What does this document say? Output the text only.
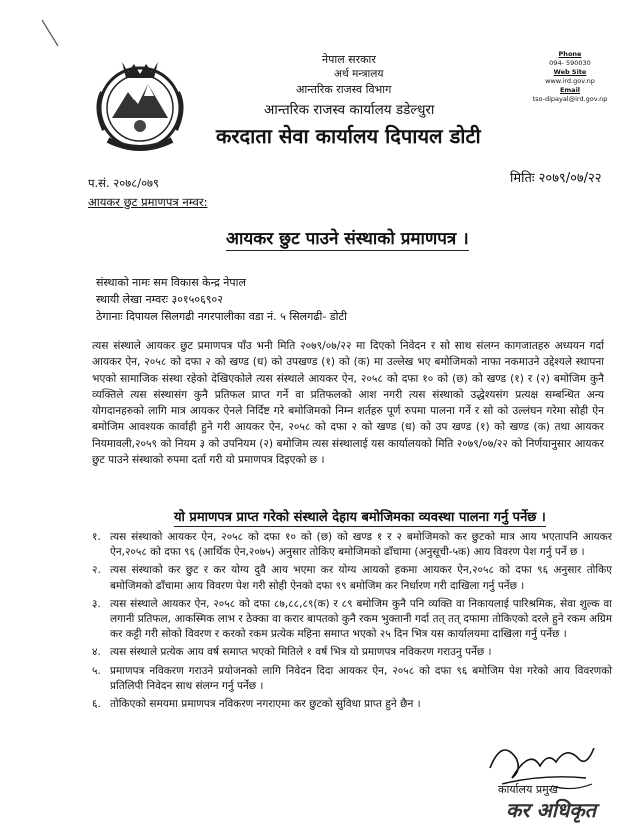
नेपाल सरकार
अर्थ मन्त्रालय
आन्तरिक राजस्व विभाग
आन्तरिक राजस्व कार्यालय डडेल्धुरा
करदाता सेवा कार्यालय दिपायल डोटी
Phone
094- 590030
Web Site
www.ird.gov.np
Email
tso-dipayal@ird.gov.np
प.सं. २०७८/०७९
आयकर छुट प्रमाणपत्र नम्वर:
मितिः २०७९/०७/२२
आयकर छुट पाउने संस्थाको प्रमाणपत्र ।
संस्थाको नामः सम विकास केन्द्र नेपाल
स्थायी लेखा नम्वरः ३०१५०६९०२
ठेगानाः दिपायल सिलगढी नगरपालीका वडा नं. ५ सिलगढी- डोटी

त्यस संस्थाले आयकर छुट प्रमाणपत्र पाँउ भनी मिति २०७९/०७/२२ मा दिएको निवेदन र सो साथ संलग्न कागजातहरु अध्ययन गर्दा आयकर ऐन, २०५८ को दफा २ को खण्ड (ध) को उपखण्ड (१) को (क) मा उल्लेख भए बमोजिमको नाफा नकमाउने उद्देश्यले स्थापना भएको सामाजिक संस्था रहेको देखिएकोले त्यस संस्थाले आयकर ऐन, २०५८ को दफा १० को (छ) को खण्ड (१) र (२) बमोजिम कुनै व्यक्तिले त्यस संस्थासंग कुनै प्रतिफल प्राप्त गर्ने वा प्रतिफलको आश नगरी त्यस संस्थाको उद्धेश्यसंग प्रत्यक्ष सम्बन्धित अन्य योगदानहरुको लागि मात्र आयकर ऐनले निर्दिष्ट गरे बमोजिमको निम्न शर्तहरु पूर्ण रुपमा पालना गर्ने र सो को उल्लंघन गरेमा सोही ऐन बमोजिम आवश्यक कार्वाही हुने गरी आयकर ऐन, २०५८ को दफा २ को खण्ड (ध) को उप खण्ड (१) को खण्ड (क) तथा आयकर नियमावली,२०५९ को नियम ३ को उपनियम (२) बमोजिम त्यस संस्थालाई यस कार्यालयको मिति २०७९/०७/२२ को निर्णयानुसार आयकर छुट पाउने संस्थाको रुपमा दर्ता गरी यो प्रमाणपत्र दिइएको छ ।

यो प्रमाणपत्र प्राप्त गरेको संस्थाले देहाय बमोजिमका व्यवस्था पालना गर्नु पर्नेछ ।
१. त्यस संस्थाको आयकर ऐन, २०५८ को दफा १० को (छ) को खण्ड १ र २ बमोजिमको कर छुटको मात्र आय भएतापनि आयकर ऐन,२०५८ को दफा ९६ (आर्थिक ऐन,२०७५) अनुसार तोकिए बमोजिमको ढाँचामा (अनुसूची-५क) आय विवरण पेश गर्नु पर्ने छ ।
२. त्यस संस्थाको कर छुट र कर योग्य दुवै आय भएमा कर योग्य आयको हकमा आयकर ऐन,२०५८ को दफा ९६ अनुसार तोकिए बमोजिमको ढाँचामा आय विवरण पेश गरी सोही ऐनको दफा ९९ बमोजिम कर निर्धारण गरी दाखिला गर्नु पर्नेछ ।
३. त्यस संस्थाले आयकर ऐन, २०५८ को दफा ८७,८८,८९(क) र ८९ बमोजिम कुनै पनि व्यक्ति वा निकायलाई पारिश्रमिक, सेवा शुल्क वा लगानी प्रतिफल, आकस्मिक लाभ र ठेक्का वा करार बापतको कुनै रकम भुक्तानी गर्दा तत् तत् दफामा तोकिएको दरले हुने रकम अग्रिम कर कट्टी गरी सोको विवरण र करको रकम प्रत्येक महिना समाप्त भएको २५ दिन भित्र यस कार्यालयमा दाखिला गर्नु पर्नेछ ।
४. त्यस संस्थाले प्रत्येक आय वर्ष समाप्त भएको मितिले १ वर्ष भित्र यो प्रमाणपत्र नविकरण गराउनु पर्नेछ ।
५. प्रमाणपत्र नविकरण गराउने प्रयोजनको लागि निवेदन दिदा आयकर ऐन, २०५८ को दफा ९६ बमोजिम पेश गरेको आय विवरणको प्रतिलिपी निवेदन साथ संलग्न गर्नु पर्नेछ ।
६. तोकिएको समयमा प्रमाणपत्र नविकरण नगराएमा कर छुटको सुविधा प्राप्त हुने छैन ।
कार्यालय प्रमुख
कर अधिकृत
